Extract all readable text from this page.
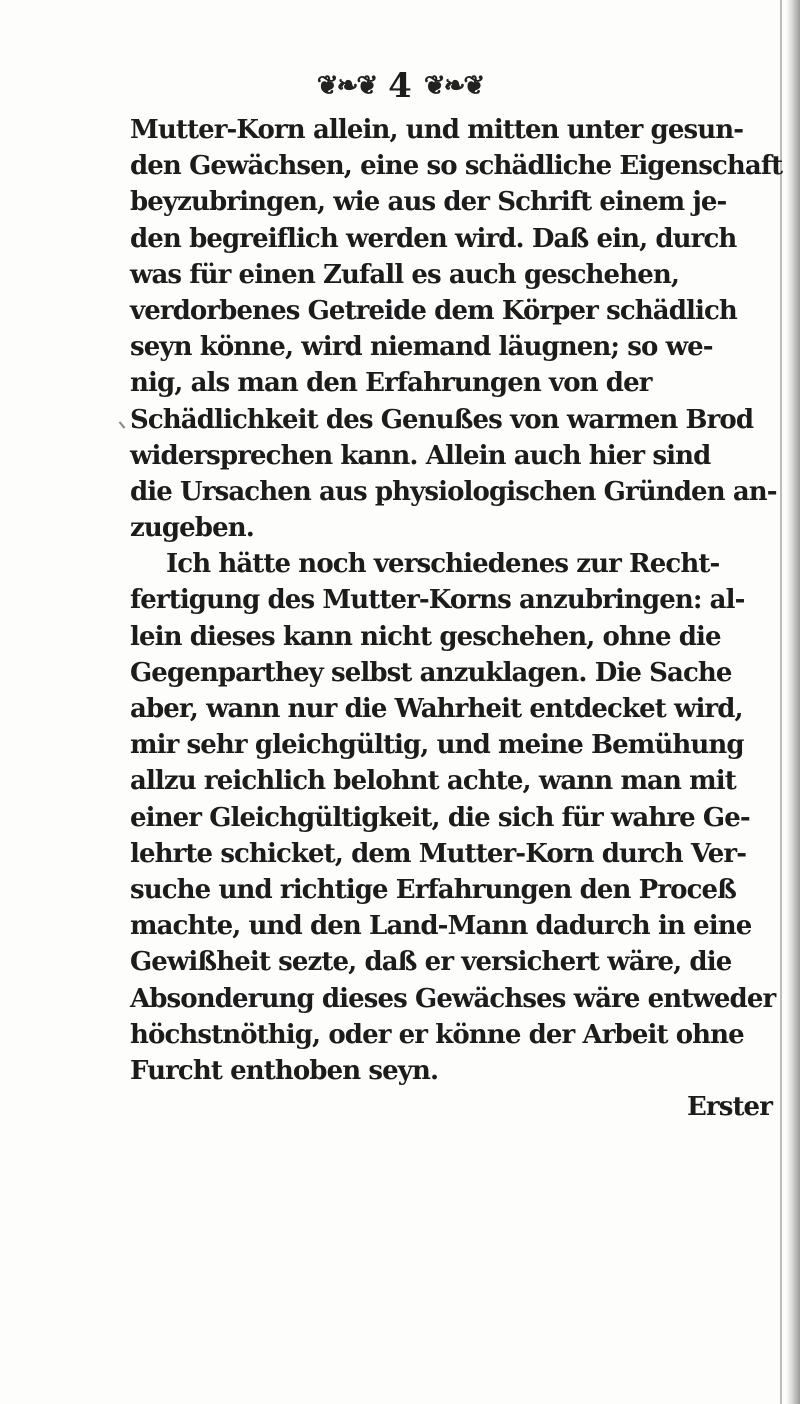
❦❧❦ 4 ❦❧❦
Mutter-Korn allein, und mitten unter gesun-
den Gewächsen, eine so schädliche Eigenschaft
beyzubringen, wie aus der Schrift einem je-
den begreiflich werden wird. Daß ein, durch
was für einen Zufall es auch geschehen,
verdorbenes Getreide dem Körper schädlich
seyn könne, wird niemand läugnen; so we-
nig, als man den Erfahrungen von der
Schädlichkeit des Genußes von warmen Brod
widersprechen kann. Allein auch hier sind
die Ursachen aus physiologischen Gründen an-
zugeben.
Ich hätte noch verschiedenes zur Recht-
fertigung des Mutter-Korns anzubringen: al-
lein dieses kann nicht geschehen, ohne die
Gegenparthey selbst anzuklagen. Die Sache
aber, wann nur die Wahrheit entdecket wird,
mir sehr gleichgültig, und meine Bemühung
allzu reichlich belohnt achte, wann man mit
einer Gleichgültigkeit, die sich für wahre Ge-
lehrte schicket, dem Mutter-Korn durch Ver-
suche und richtige Erfahrungen den Proceß
machte, und den Land-Mann dadurch in eine
Gewißheit sezte, daß er versichert wäre, die
Absonderung dieses Gewächses wäre entweder
höchstnöthig, oder er könne der Arbeit ohne
Furcht enthoben seyn.
Erster
